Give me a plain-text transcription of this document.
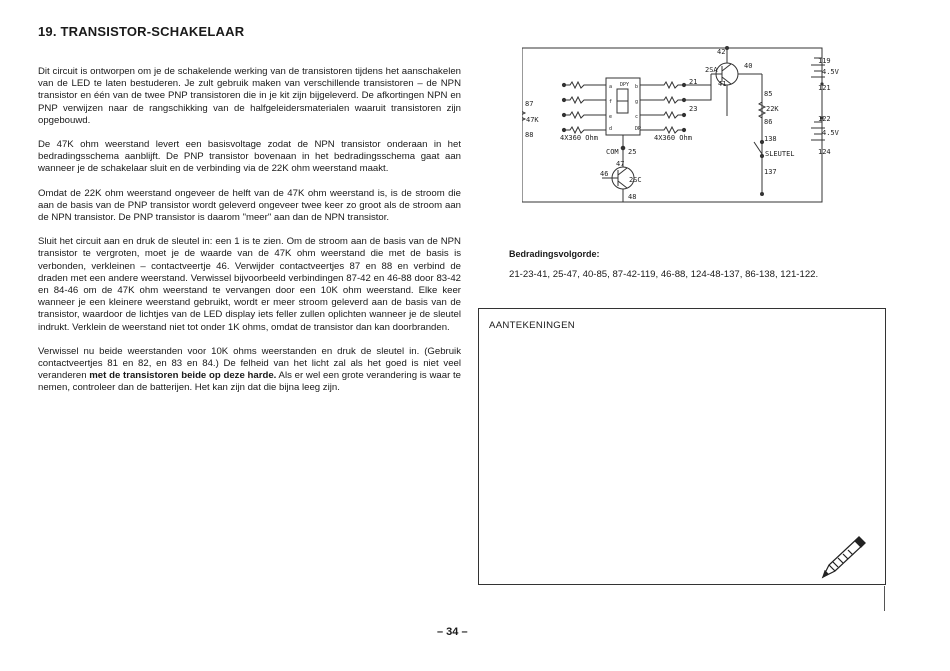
19. TRANSISTOR-SCHAKELAAR

Dit circuit is ontworpen om je de schakelende werking van de transistoren tijdens het aanschakelen van de LED te laten bestuderen. Je zult gebruik maken van verschillende transistoren – de NPN transistor en één van de twee PNP transistoren die in je kit zijn bijgeleverd. De afkortingen NPN en PNP verwijzen naar de rangschikking van de halfgeleidersmaterialen waaruit transistoren zijn opgebouwd.

De 47K ohm weerstand levert een basisvoltage zodat de NPN transistor onderaan in het bedradingsschema aanblijft. De PNP transistor bovenaan in het bedradingsschema gaat aan wanneer je de schakelaar sluit en de verbinding via de 22K ohm weerstand maakt.

Omdat de 22K ohm weerstand ongeveer de helft van de 47K ohm weerstand is, is de stroom die aan de basis van de PNP transistor wordt geleverd ongeveer twee keer zo groot als de stroom aan de NPN transistor. De PNP transistor is daarom "meer" aan dan de NPN transistor.

Sluit het circuit aan en druk de sleutel in: een 1 is te zien. Om de stroom aan de basis van de NPN transistor te vergroten, moet je de waarde van de 47K ohm weerstand die met de basis is verbonden, verkleinen – contactveertje 46. Verwijder contactveertjes 87 en 88 en verbind de draden met een andere weerstand. Verwissel bijvoorbeeld verbindingen 87-42 en 46-88 door 83-42 en 84-46 om de 47K ohm weerstand te vervangen door een 10K ohm weerstand. Elke keer wanneer je een kleinere weerstand gebruikt, wordt er meer stroom geleverd aan de basis van de transistor, waardoor de lichtjes van de LED display iets feller zullen oplichten wanneer je de sleutel indrukt. Verklein de weerstand niet tot onder 1K ohms, omdat de transistor dan kan doorbranden.

Verwissel nu beide weerstanden voor 10K ohms weerstanden en druk de sleutel in. (Gebruik contactveertjes 81 en 82, en 83 en 84.) De felheid van het licht zal als het goed is niet veel veranderen met de transistoren beide op deze harde. Als er wel een grote verandering is waar te nemen, controleer dan de batterijen. Het kan zijn dat die bijna leeg zijn.

42
2SA	40
41
21
23
87
47K
88	4X360 Ohm	4X360 Ohm
DPY
DP
a
f
b
g
e	c
d
COM 25
47
46
2SC
48
85
22K
86
138
SLEUTEL
137
119
4.5V
121
122
4.5V
124
Bedradingsvolgorde:
21-23-41, 25-47, 40-85, 87-42-119, 46-88, 124-48-137, 86-138, 121-122.
AANTEKENINGEN
– 34 –
